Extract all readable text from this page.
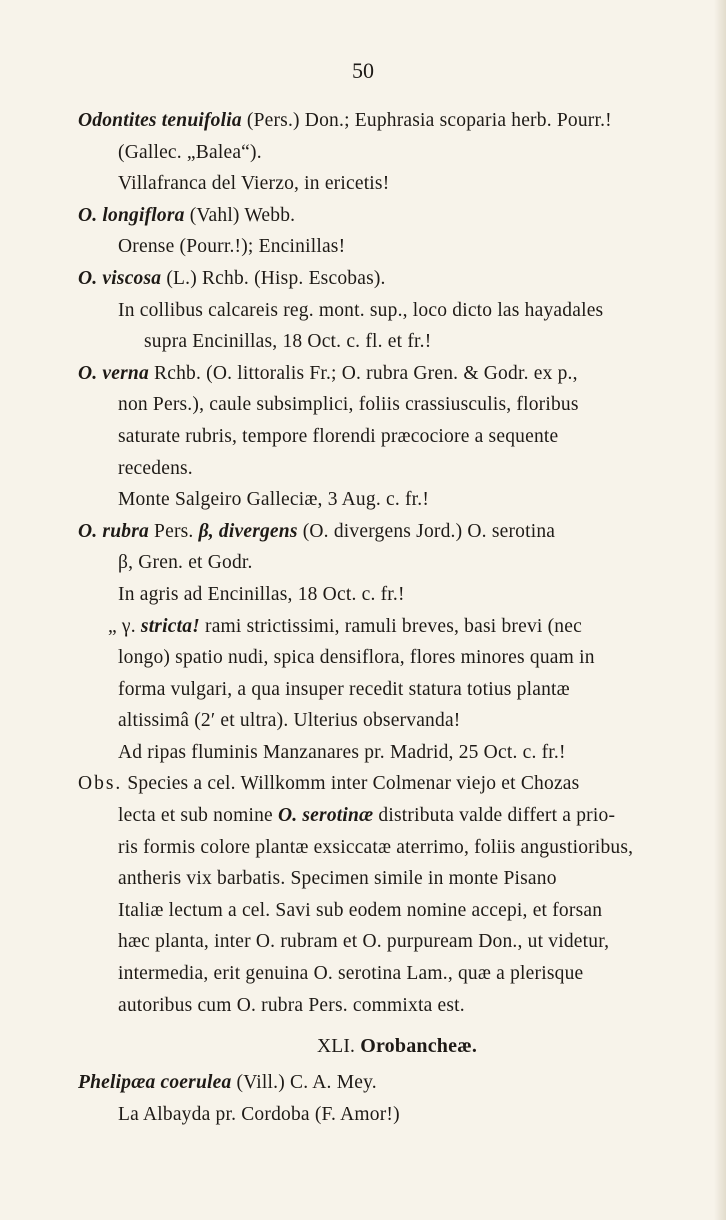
50
Odontites tenuifolia (Pers.) Don.; Euphrasia scoparia herb. Pourr.!
(Gallec. „Balea“).
Villafranca del Vierzo, in ericetis!
O. longiflora (Vahl) Webb.
Orense (Pourr.!); Encinillas!
O. viscosa (L.) Rchb. (Hisp. Escobas).
In collibus calcareis reg. mont. sup., loco dicto las hayadales
supra Encinillas, 18 Oct. c. fl. et fr.!
O. verna Rchb. (O. littoralis Fr.; O. rubra Gren. & Godr. ex p.,
non Pers.), caule subsimplici, foliis crassiusculis, floribus
saturate rubris, tempore florendi præcociore a sequente
recedens.
Monte Salgeiro Galleciæ, 3 Aug. c. fr.!
O. rubra Pers. β, divergens (O. divergens Jord.) O. serotina
β, Gren. et Godr.
In agris ad Encinillas, 18 Oct. c. fr.!
„ γ. stricta! rami strictissimi, ramuli breves, basi brevi (nec
longo) spatio nudi, spica densiflora, flores minores quam in
forma vulgari, a qua insuper recedit statura totius plantæ
altissimâ (2′ et ultra). Ulterius observanda!
Ad ripas fluminis Manzanares pr. Madrid, 25 Oct. c. fr.!
Obs. Species a cel. Willkomm inter Colmenar viejo et Chozas
lecta et sub nomine O. serotinæ distributa valde differt a prio-
ris formis colore plantæ exsiccatæ aterrimo, foliis angustioribus,
antheris vix barbatis. Specimen simile in monte Pisano
Italiæ lectum a cel. Savi sub eodem nomine accepi, et forsan
hæc planta, inter O. rubram et O. purpuream Don., ut videtur,
intermedia, erit genuina O. serotina Lam., quæ a plerisque
autoribus cum O. rubra Pers. commixta est.
XLI. Orobancheæ.
Phelipæa coerulea (Vill.) C. A. Mey.
La Albayda pr. Cordoba (F. Amor!)
